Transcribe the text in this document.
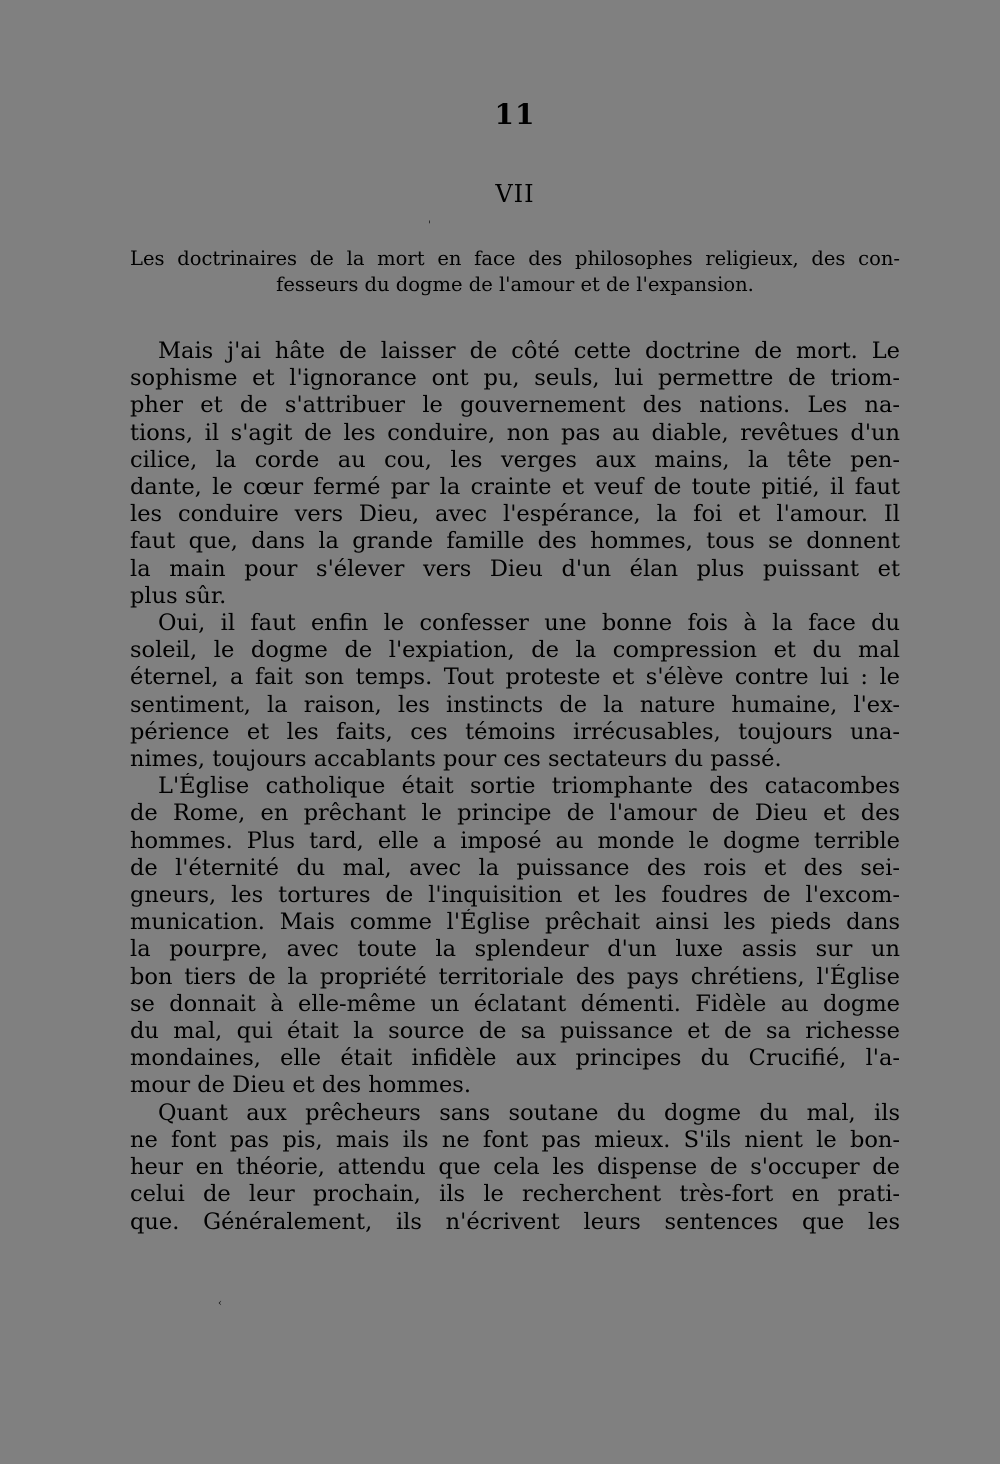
11
VII
Les doctrinaires de la mort en face des philosophes religieux, des con-
fesseurs du dogme de l'amour et de l'expansion.
Mais j'ai hâte de laisser de côté cette doctrine de mort. Le
sophisme et l'ignorance ont pu, seuls, lui permettre de triom-
pher et de s'attribuer le gouvernement des nations. Les na-
tions, il s'agit de les conduire, non pas au diable, revêtues d'un
cilice, la corde au cou, les verges aux mains, la tête pen-
dante, le cœur fermé par la crainte et veuf de toute pitié, il faut
les conduire vers Dieu, avec l'espérance, la foi et l'amour. Il
faut que, dans la grande famille des hommes, tous se donnent
la main pour s'élever vers Dieu d'un élan plus puissant et
plus sûr.
Oui, il faut enfin le confesser une bonne fois à la face du
soleil, le dogme de l'expiation, de la compression et du mal
éternel, a fait son temps. Tout proteste et s'élève contre lui : le
sentiment, la raison, les instincts de la nature humaine, l'ex-
périence et les faits, ces témoins irrécusables, toujours una-
nimes, toujours accablants pour ces sectateurs du passé.
L'Église catholique était sortie triomphante des catacombes
de Rome, en prêchant le principe de l'amour de Dieu et des
hommes. Plus tard, elle a imposé au monde le dogme terrible
de l'éternité du mal, avec la puissance des rois et des sei-
gneurs, les tortures de l'inquisition et les foudres de l'excom-
munication. Mais comme l'Église prêchait ainsi les pieds dans
la pourpre, avec toute la splendeur d'un luxe assis sur un
bon tiers de la propriété territoriale des pays chrétiens, l'Église
se donnait à elle-même un éclatant démenti. Fidèle au dogme
du mal, qui était la source de sa puissance et de sa richesse
mondaines, elle était infidèle aux principes du Crucifié, l'a-
mour de Dieu et des hommes.
Quant aux prêcheurs sans soutane du dogme du mal, ils
ne font pas pis, mais ils ne font pas mieux. S'ils nient le bon-
heur en théorie, attendu que cela les dispense de s'occuper de
celui de leur prochain, ils le recherchent très-fort en prati-
que. Généralement, ils n'écrivent leurs sentences que les
'
‹
